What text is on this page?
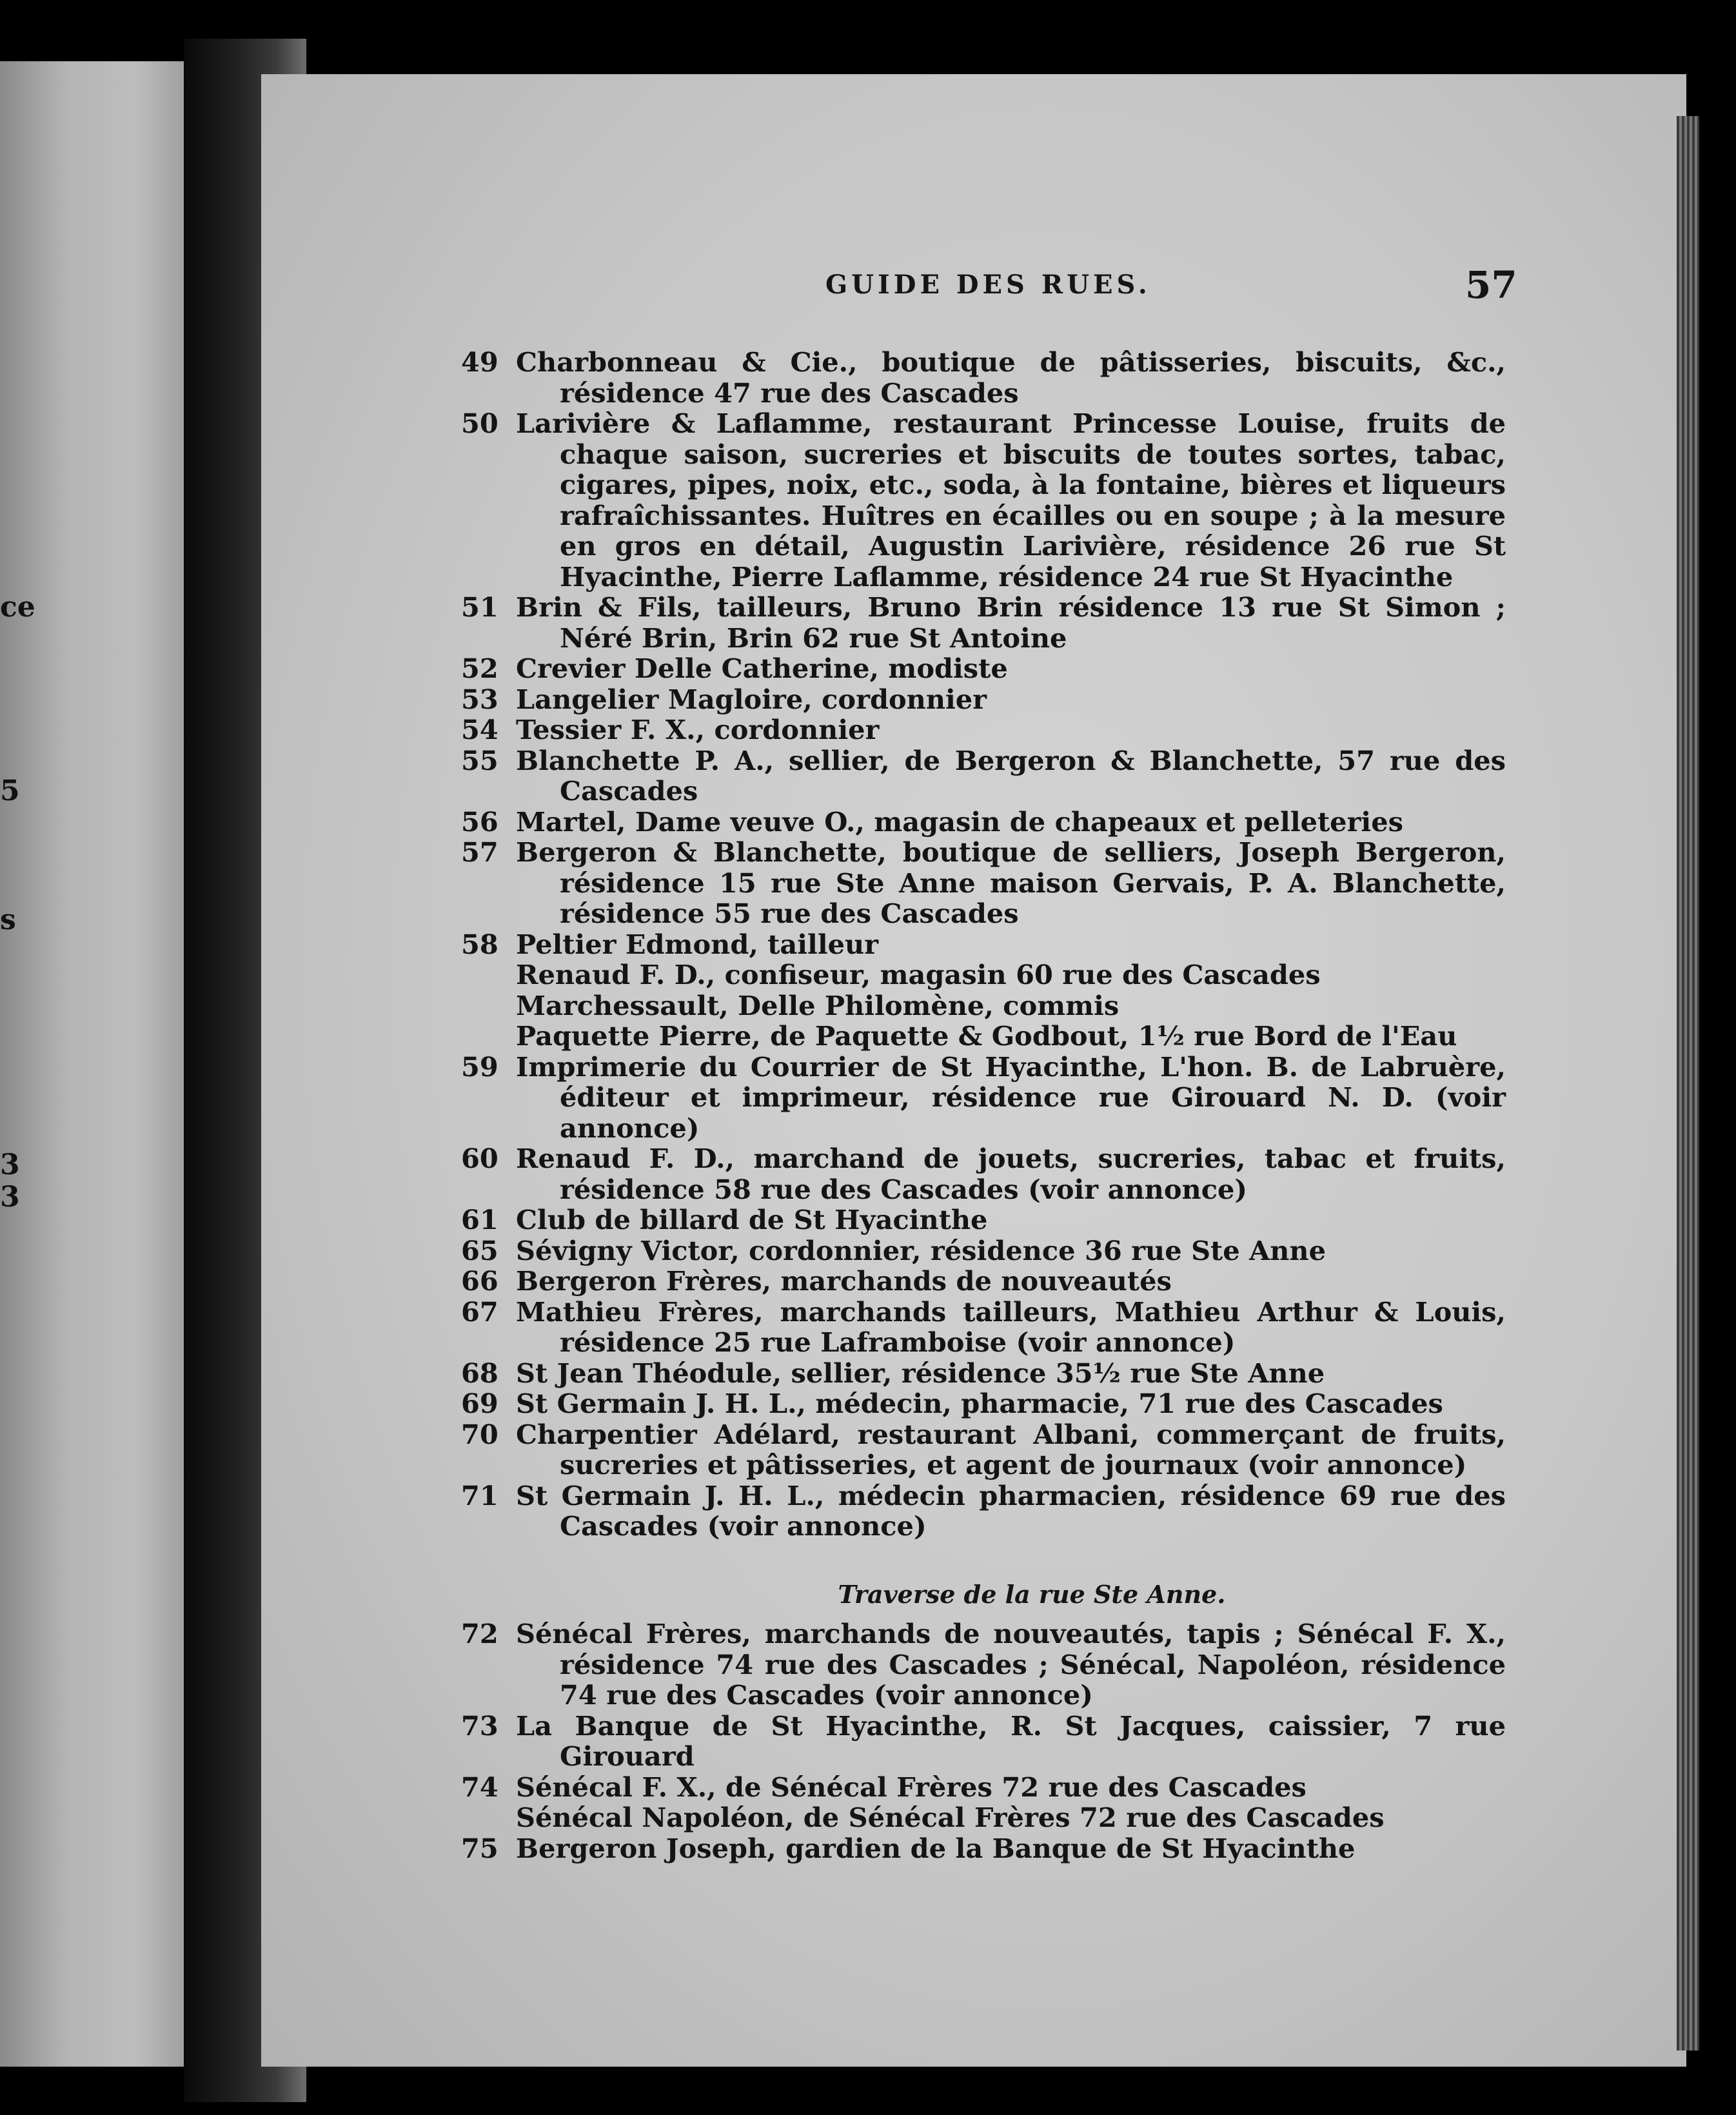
ce
5
s
3
3
GUIDE DES RUES.	57
49 Charbonneau & Cie., boutique de pâtisseries, biscuits, &c., résidence 47 rue des Cascades
50 Larivière & Laflamme, restaurant Princesse Louise, fruits de chaque saison, sucreries et biscuits de toutes sortes, tabac, cigares, pipes, noix, etc., soda, à la fontaine, bières et liqueurs rafraîchissantes. Huîtres en écailles ou en soupe ; à la mesure en gros en détail, Augustin Larivière, résidence 26 rue St Hyacinthe, Pierre Laflamme, résidence 24 rue St Hyacinthe
51 Brin & Fils, tailleurs, Bruno Brin résidence 13 rue St Simon ; Néré Brin, Brin 62 rue St Antoine
52 Crevier Delle Catherine, modiste
53 Langelier Magloire, cordonnier
54 Tessier F. X., cordonnier
55 Blanchette P. A., sellier, de Bergeron & Blanchette, 57 rue des Cascades
56 Martel, Dame veuve O., magasin de chapeaux et pelleteries
57 Bergeron & Blanchette, boutique de selliers, Joseph Bergeron, résidence 15 rue Ste Anne maison Gervais, P. A. Blanchette, résidence 55 rue des Cascades
58 Peltier Edmond, tailleur
Renaud F. D., confiseur, magasin 60 rue des Cascades
Marchessault, Delle Philomène, commis
Paquette Pierre, de Paquette & Godbout, 1½ rue Bord de l'Eau
59 Imprimerie du Courrier de St Hyacinthe, L'hon. B. de Labruère, éditeur et imprimeur, résidence rue Girouard N. D. (voir annonce)
60 Renaud F. D., marchand de jouets, sucreries, tabac et fruits, résidence 58 rue des Cascades (voir annonce)
61 Club de billard de St Hyacinthe
65 Sévigny Victor, cordonnier, résidence 36 rue Ste Anne
66 Bergeron Frères, marchands de nouveautés
67 Mathieu Frères, marchands tailleurs, Mathieu Arthur & Louis, résidence 25 rue Laframboise (voir annonce)
68 St Jean Théodule, sellier, résidence 35½ rue Ste Anne
69 St Germain J. H. L., médecin, pharmacie, 71 rue des Cascades
70 Charpentier Adélard, restaurant Albani, commerçant de fruits, sucreries et pâtisseries, et agent de journaux (voir annonce)
71 St Germain J. H. L., médecin pharmacien, résidence 69 rue des Cascades (voir annonce)
Traverse de la rue Ste Anne.
72 Sénécal Frères, marchands de nouveautés, tapis ; Sénécal F. X., résidence 74 rue des Cascades ; Sénécal, Napoléon, résidence 74 rue des Cascades (voir annonce)
73 La Banque de St Hyacinthe, R. St Jacques, caissier, 7 rue Girouard
74 Sénécal F. X., de Sénécal Frères 72 rue des Cascades
Sénécal Napoléon, de Sénécal Frères 72 rue des Cascades
75 Bergeron Joseph, gardien de la Banque de St Hyacinthe
